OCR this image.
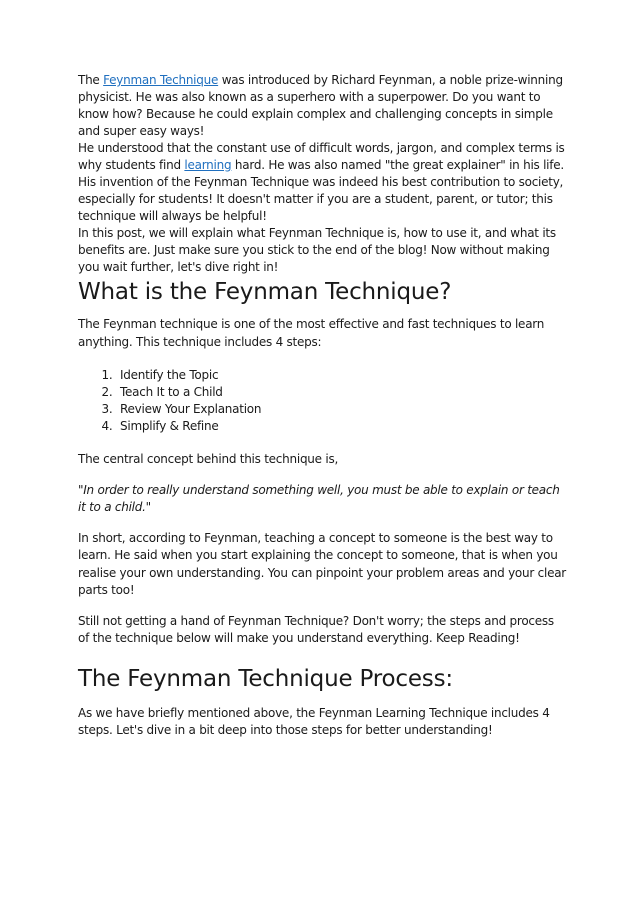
The Feynman Technique was introduced by Richard Feynman, a noble prize-winning physicist. He was also known as a superhero with a superpower. Do you want to know how? Because he could explain complex and challenging concepts in simple and super easy ways!

He understood that the constant use of difficult words, jargon, and complex terms is why students find learning hard. He was also named "the great explainer" in his life.

His invention of the Feynman Technique was indeed his best contribution to society, especially for students! It doesn't matter if you are a student, parent, or tutor; this technique will always be helpful!

In this post, we will explain what Feynman Technique is, how to use it, and what its benefits are. Just make sure you stick to the end of the blog! Now without making you wait further, let's dive right in!

What is the Feynman Technique?

The Feynman technique is one of the most effective and fast techniques to learn anything. This technique includes 4 steps:

1. Identify the Topic
2. Teach It to a Child
3. Review Your Explanation
4. Simplify & Refine

The central concept behind this technique is,

"In order to really understand something well, you must be able to explain or teach it to a child."

In short, according to Feynman, teaching a concept to someone is the best way to learn. He said when you start explaining the concept to someone, that is when you realise your own understanding. You can pinpoint your problem areas and your clear parts too!

Still not getting a hand of Feynman Technique? Don't worry; the steps and process of the technique below will make you understand everything. Keep Reading!

The Feynman Technique Process:

As we have briefly mentioned above, the Feynman Learning Technique includes 4 steps. Let's dive in a bit deep into those steps for better understanding!
